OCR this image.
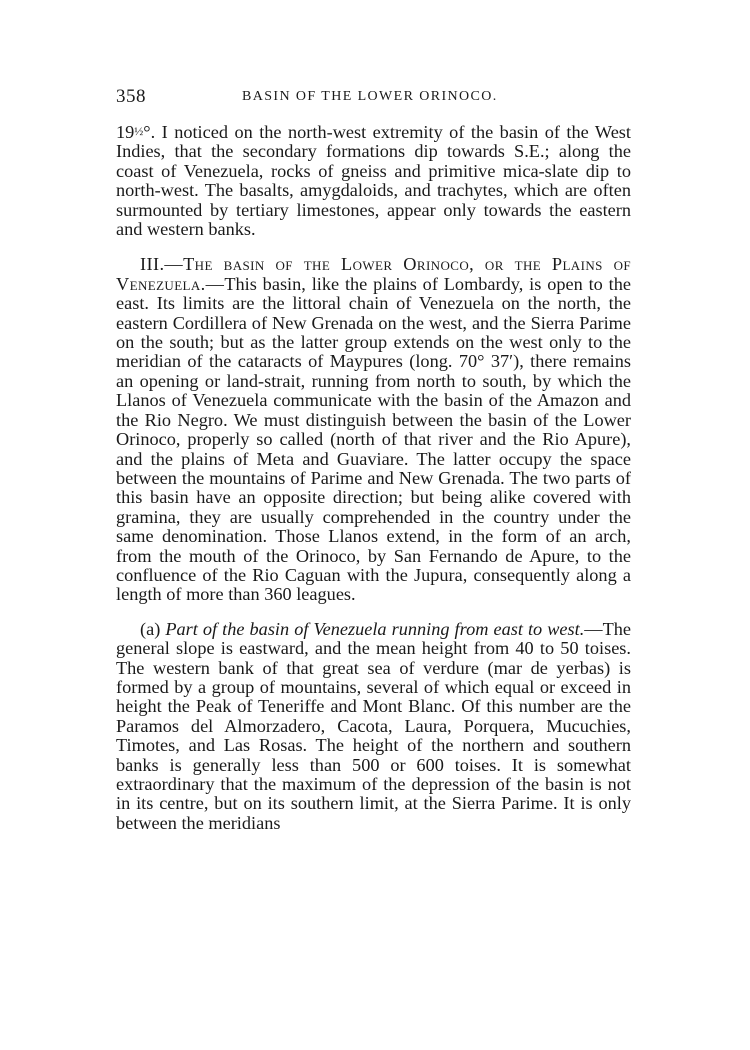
358	BASIN OF THE LOWER ORINOCO.

19½°. I noticed on the north-west extremity of the basin of the West Indies, that the secondary formations dip towards S.E.; along the coast of Venezuela, rocks of gneiss and primitive mica-slate dip to north-west. The basalts, amygdaloids, and trachytes, which are often surmounted by tertiary limestones, appear only towards the eastern and western banks.

III.—The basin of the Lower Orinoco, or the Plains of Venezuela.—This basin, like the plains of Lombardy, is open to the east. Its limits are the littoral chain of Venezuela on the north, the eastern Cordillera of New Grenada on the west, and the Sierra Parime on the south; but as the latter group extends on the west only to the meridian of the cataracts of Maypures (long. 70° 37′), there remains an opening or land-strait, running from north to south, by which the Llanos of Venezuela communicate with the basin of the Amazon and the Rio Negro. We must distinguish between the basin of the Lower Orinoco, properly so called (north of that river and the Rio Apure), and the plains of Meta and Guaviare. The latter occupy the space between the mountains of Parime and New Grenada. The two parts of this basin have an opposite direction; but being alike covered with gramina, they are usually comprehended in the country under the same denomination. Those Llanos extend, in the form of an arch, from the mouth of the Orinoco, by San Fernando de Apure, to the confluence of the Rio Caguan with the Jupura, consequently along a length of more than 360 leagues.

(a) Part of the basin of Venezuela running from east to west.—The general slope is eastward, and the mean height from 40 to 50 toises. The western bank of that great sea of verdure (mar de yerbas) is formed by a group of mountains, several of which equal or exceed in height the Peak of Teneriffe and Mont Blanc. Of this number are the Paramos del Almorzadero, Cacota, Laura, Porquera, Mucuchies, Timotes, and Las Rosas. The height of the northern and southern banks is generally less than 500 or 600 toises. It is somewhat extraordinary that the maximum of the depression of the basin is not in its centre, but on its southern limit, at the Sierra Parime. It is only between the meridians
